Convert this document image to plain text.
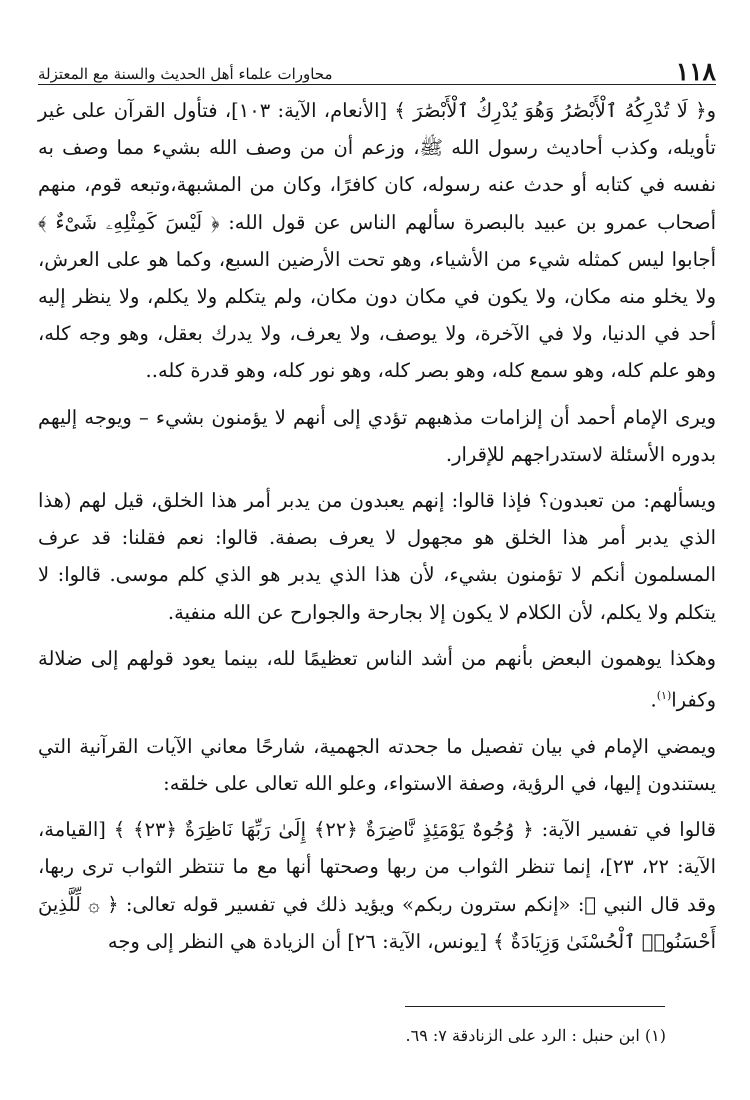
١١٨
محاورات علماء أهل الحديث والسنة مع المعتزلة

و﴿ لَا تُدْرِكُهُ ٱلْأَبْصَٰرُ وَهُوَ يُدْرِكُ ٱلْأَبْصَٰرَ ﴾ [الأنعام، الآية: ١٠٣]، فتأول القرآن على غير تأويله، وكذب أحاديث رسول الله ﷺ، وزعم أن من وصف الله بشيء مما وصف به نفسه في كتابه أو حدث عنه رسوله، كان كافرًا، وكان من المشبهة،وتبعه قوم، منهم أصحاب عمرو بن عبيد بالبصرة سألهم الناس عن قول الله: ﴿ لَيْسَ كَمِثْلِهِۦ شَىْءٌ ﴾ أجابوا ليس كمثله شيء من الأشياء، وهو تحت الأرضين السبع، وكما هو على العرش، ولا يخلو منه مكان، ولا يكون في مكان دون مكان، ولم يتكلم ولا يكلم، ولا ينظر إليه أحد في الدنيا، ولا في الآخرة، ولا يوصف، ولا يعرف، ولا يدرك بعقل، وهو وجه كله، وهو علم كله، وهو سمع كله، وهو بصر كله، وهو نور كله، وهو قدرة كله..

ويرى الإمام أحمد أن إلزامات مذهبهم تؤدي إلى أنهم لا يؤمنون بشيء – ويوجه إليهم بدوره الأسئلة لاستدراجهم للإقرار.

ويسألهم: من تعبدون؟ فإذا قالوا: إنهم يعبدون من يدبر أمر هذا الخلق، قيل لهم (هذا الذي يدبر أمر هذا الخلق هو مجهول لا يعرف بصفة. قالوا: نعم فقلنا: قد عرف المسلمون أنكم لا تؤمنون بشيء، لأن هذا الذي يدبر هو الذي كلم موسى. قالوا: لا يتكلم ولا يكلم، لأن الكلام لا يكون إلا بجارحة والجوارح عن الله منفية.

وهكذا يوهمون البعض بأنهم من أشد الناس تعظيمًا لله، بينما يعود قولهم إلى ضلالة وكفرا$^{(١)}$.

ويمضي الإمام في بيان تفصيل ما جحدته الجهمية، شارحًا معاني الآيات القرآنية التي يستندون إليها، في الرؤية، وصفة الاستواء، وعلو الله تعالى على خلقه:

قالوا في تفسير الآية: ﴿ وُجُوهٌ يَوْمَئِذٍ نَّاضِرَةٌ ﴿٢٢﴾ إِلَىٰ رَبِّهَا نَاظِرَةٌ ﴿٢٣﴾ ﴾ [القيامة، الآية: ٢٢، ٢٣]، إنما تنظر الثواب من ربها وصحتها أنها مع ما تنتظر الثواب ترى ربها، وقد قال النبي ﷺ: «إنكم سترون ربكم» ويؤيد ذلك في تفسير قوله تعالى: ﴿ ۞ لِّلَّذِينَ أَحْسَنُوا۟ ٱلْحُسْنَىٰ وَزِيَادَةٌ ﴾ [يونس، الآية: ٢٦] أن الزيادة هي النظر إلى وجه

(١) ابن حنبل : الرد على الزنادقة ٧: ٦٩.
